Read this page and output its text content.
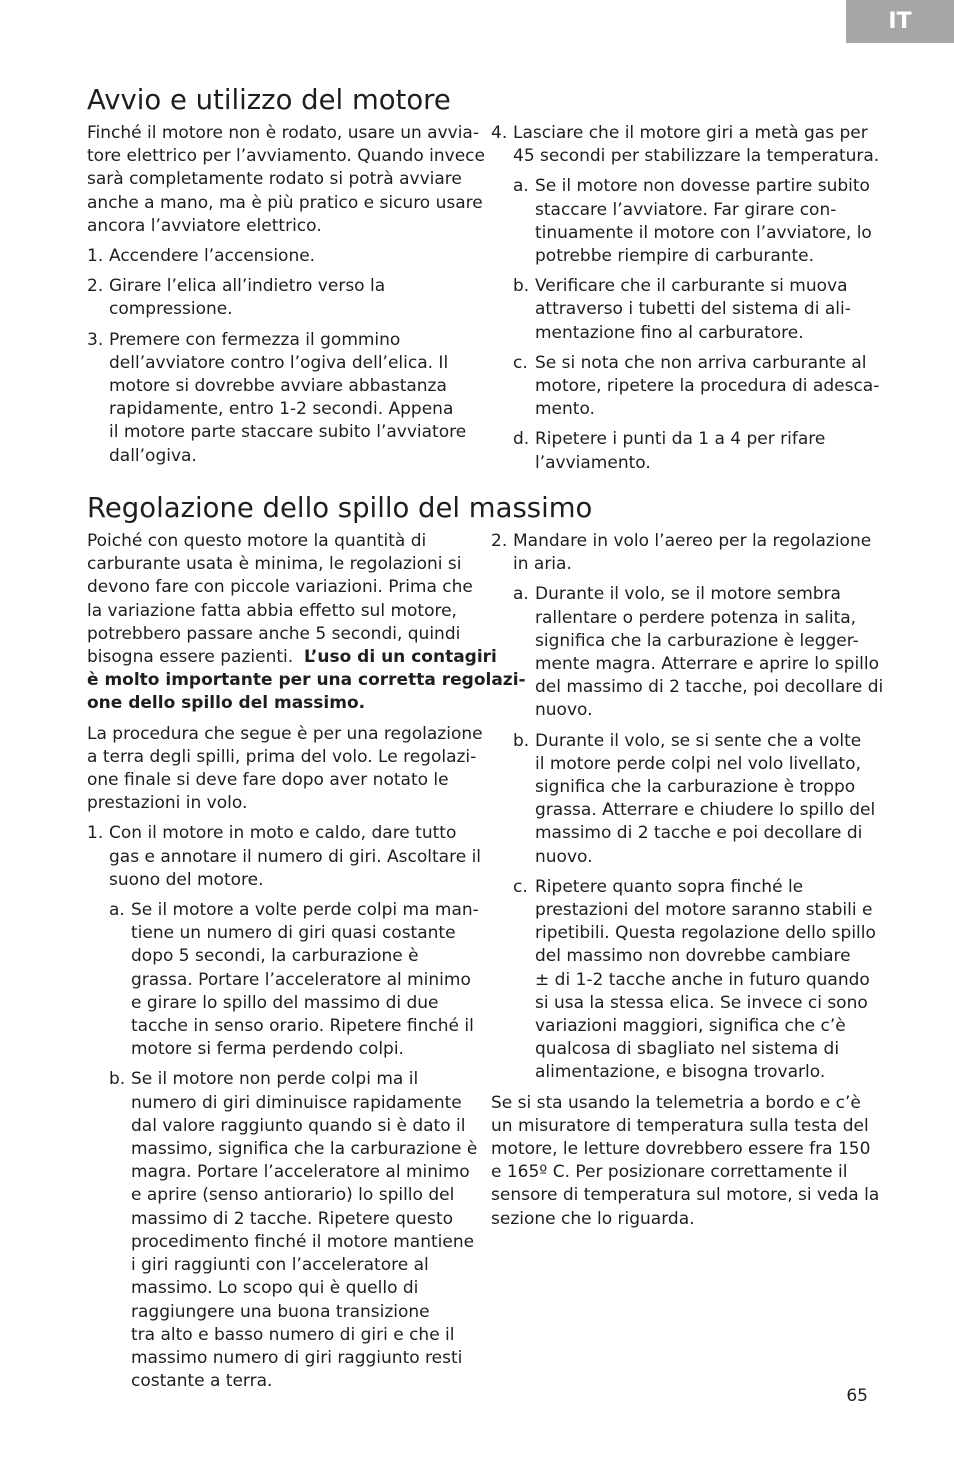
IT
Avvio e utilizzo del motore

Finché il motore non è rodato, usare un avvia-
tore elettrico per l’avviamento. Quando invece
sarà completamente rodato si potrà avviare
anche a mano, ma è più pratico e sicuro usare
ancora l’avviatore elettrico.

1. Accendere l’accensione.
2. Girare l’elica all’indietro verso la
compressione.
3. Premere con fermezza il gommino
dell’avviatore contro l’ogiva dell’elica. Il
motore si dovrebbe avviare abbastanza
rapidamente, entro 1-2 secondi. Appena
il motore parte staccare subito l’avviatore
dall’ogiva.
4. Lasciare che il motore giri a metà gas per
45 secondi per stabilizzare la temperatura.
a. Se il motore non dovesse partire subito
staccare l’avviatore. Far girare con-
tinuamente il motore con l’avviatore, lo
potrebbe riempire di carburante.
b. Verificare che il carburante si muova
attraverso i tubetti del sistema di ali-
mentazione fino al carburatore.
c. Se si nota che non arriva carburante al
motore, ripetere la procedura di adesca-
mento.
d. Ripetere i punti da 1 a 4 per rifare
l’avviamento.
Regolazione dello spillo del massimo

Poiché con questo motore la quantità di
carburante usata è minima, le regolazioni si
devono fare con piccole variazioni. Prima che
la variazione fatta abbia effetto sul motore,
potrebbero passare anche 5 secondi, quindi
bisogna essere pazienti. L’uso di un contagiri
è molto importante per una corretta regolazi-
one dello spillo del massimo.

La procedura che segue è per una regolazione
a terra degli spilli, prima del volo. Le regolazi-
one finale si deve fare dopo aver notato le
prestazioni in volo.

1. Con il motore in moto e caldo, dare tutto
gas e annotare il numero di giri. Ascoltare il
suono del motore.
a. Se il motore a volte perde colpi ma man-
tiene un numero di giri quasi costante
dopo 5 secondi, la carburazione è
grassa. Portare l’acceleratore al minimo
e girare lo spillo del massimo di due
tacche in senso orario. Ripetere finché il
motore si ferma perdendo colpi.
b. Se il motore non perde colpi ma il
numero di giri diminuisce rapidamente
dal valore raggiunto quando si è dato il
massimo, significa che la carburazione è
magra. Portare l’acceleratore al minimo
e aprire (senso antiorario) lo spillo del
massimo di 2 tacche. Ripetere questo
procedimento finché il motore mantiene
i giri raggiunti con l’acceleratore al
massimo. Lo scopo qui è quello di
raggiungere una buona transizione
tra alto e basso numero di giri e che il
massimo numero di giri raggiunto resti
costante a terra.
2. Mandare in volo l’aereo per la regolazione
in aria.
a. Durante il volo, se il motore sembra
rallentare o perdere potenza in salita,
significa che la carburazione è legger-
mente magra. Atterrare e aprire lo spillo
del massimo di 2 tacche, poi decollare di
nuovo.
b. Durante il volo, se si sente che a volte
il motore perde colpi nel volo livellato,
significa che la carburazione è troppo
grassa. Atterrare e chiudere lo spillo del
massimo di 2 tacche e poi decollare di
nuovo.
c. Ripetere quanto sopra finché le
prestazioni del motore saranno stabili e
ripetibili. Questa regolazione dello spillo
del massimo non dovrebbe cambiare
± di 1-2 tacche anche in futuro quando
si usa la stessa elica. Se invece ci sono
variazioni maggiori, significa che c’è
qualcosa di sbagliato nel sistema di
alimentazione, e bisogna trovarlo.

Se si sta usando la telemetria a bordo e c’è
un misuratore di temperatura sulla testa del
motore, le letture dovrebbero essere fra 150
e 165º C. Per posizionare correttamente il
sensore di temperatura sul motore, si veda la
sezione che lo riguarda.

65
